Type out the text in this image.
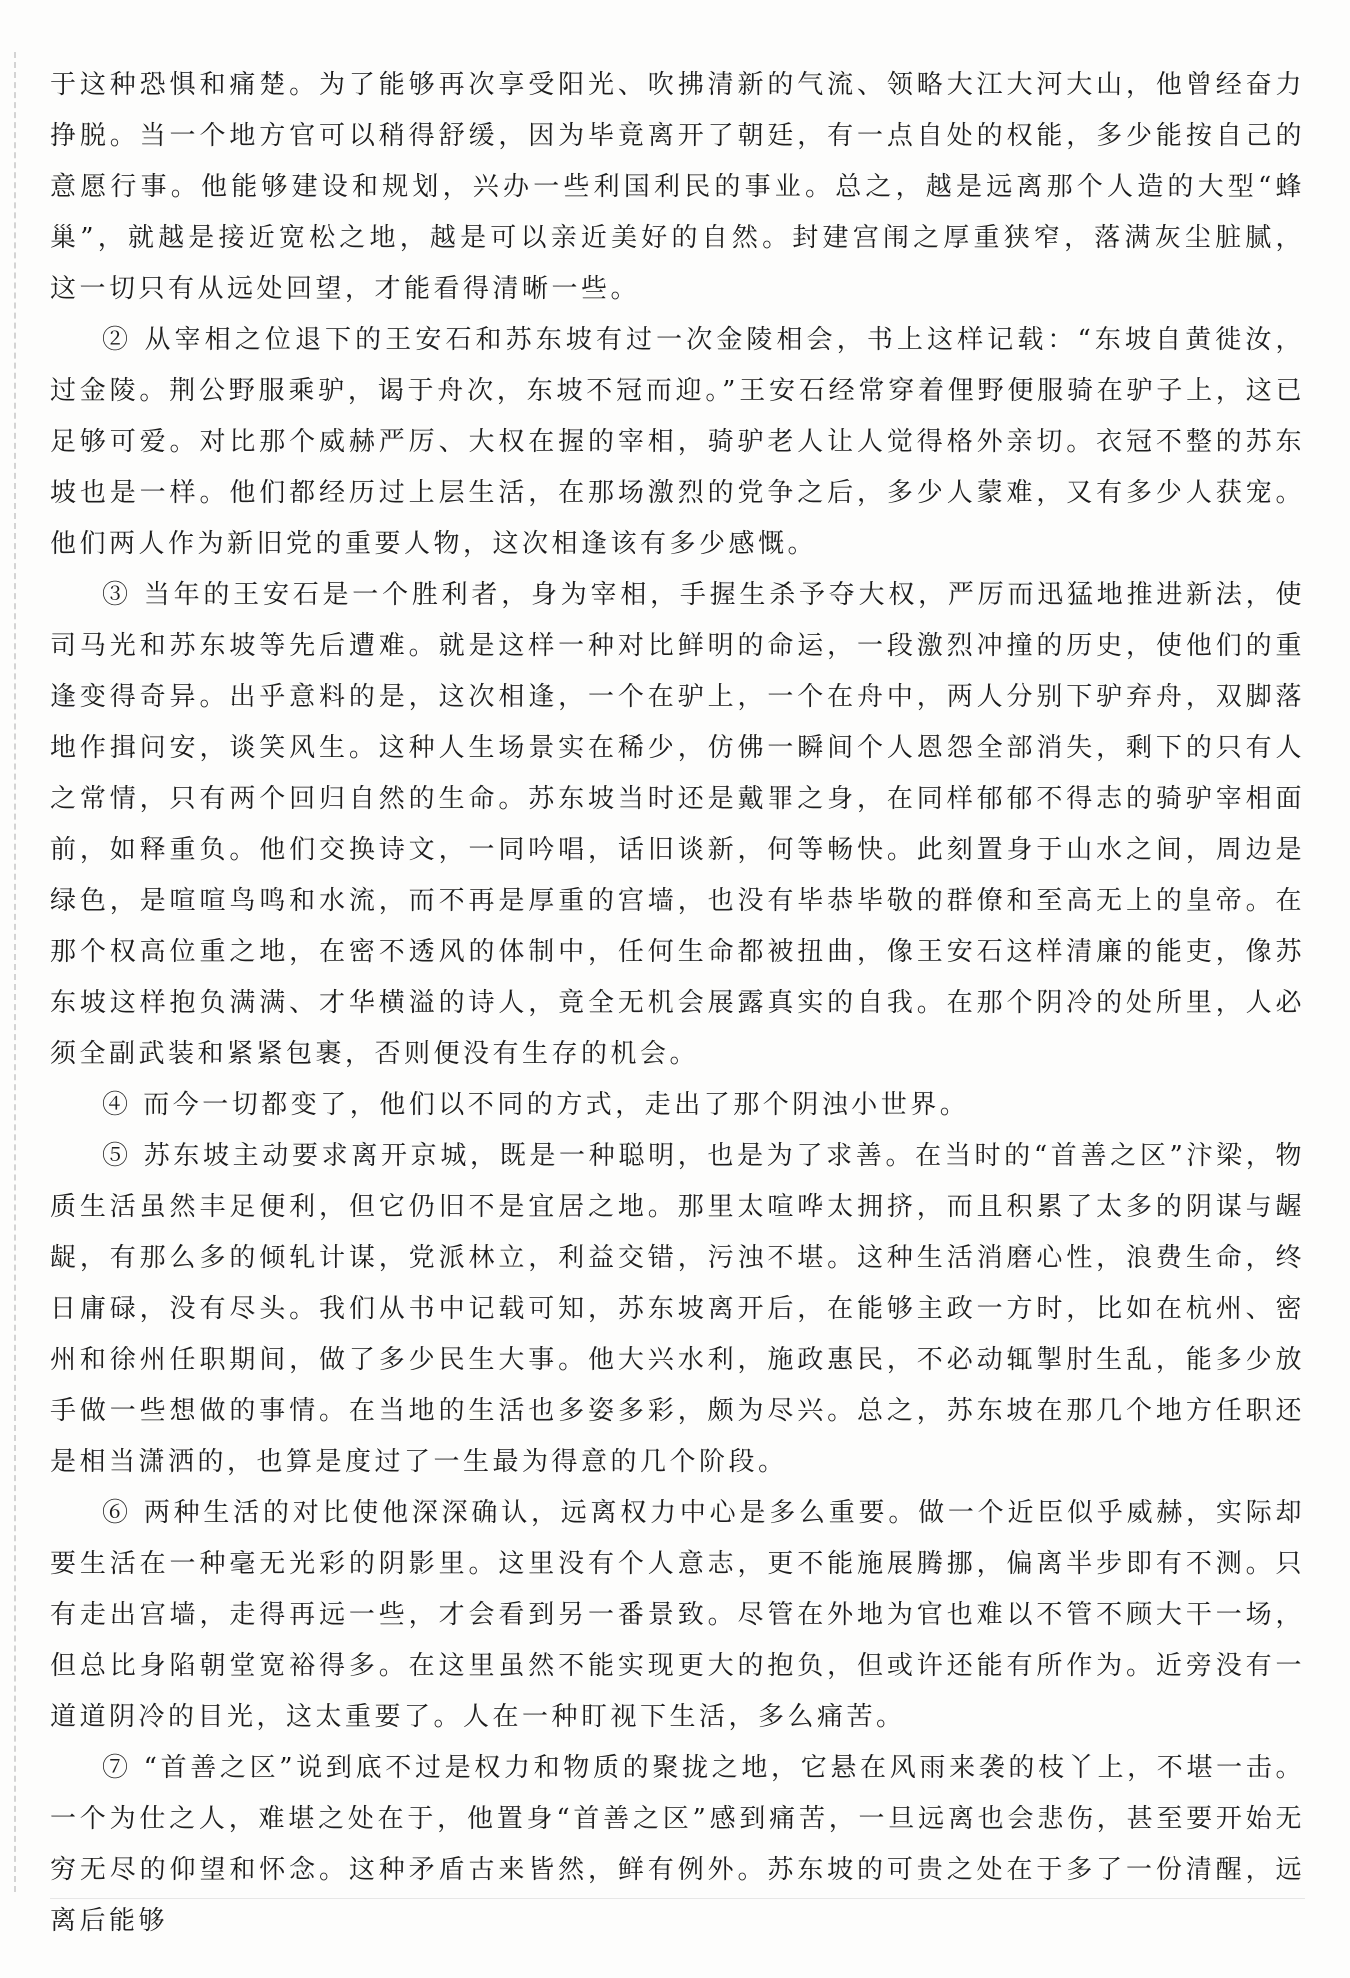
于这种恐惧和痛楚。为了能够再次享受阳光、吹拂清新的气流、领略大江大河大山，他曾经奋力挣脱。当一个地方官可以稍得舒缓，因为毕竟离开了朝廷，有一点自处的权能，多少能按自己的意愿行事。他能够建设和规划，兴办一些利国利民的事业。总之，越是远离那个人造的大型“蜂巢”，就越是接近宽松之地，越是可以亲近美好的自然。封建宫闱之厚重狭窄，落满灰尘脏腻，这一切只有从远处回望，才能看得清晰一些。

② 从宰相之位退下的王安石和苏东坡有过一次金陵相会，书上这样记载：“东坡自黄徙汝，过金陵。荆公野服乘驴，谒于舟次，东坡不冠而迎。”王安石经常穿着俚野便服骑在驴子上，这已足够可爱。对比那个威赫严厉、大权在握的宰相，骑驴老人让人觉得格外亲切。衣冠不整的苏东坡也是一样。他们都经历过上层生活，在那场激烈的党争之后，多少人蒙难，又有多少人获宠。他们两人作为新旧党的重要人物，这次相逢该有多少感慨。

③ 当年的王安石是一个胜利者，身为宰相，手握生杀予夺大权，严厉而迅猛地推进新法，使司马光和苏东坡等先后遭难。就是这样一种对比鲜明的命运，一段激烈冲撞的历史，使他们的重逢变得奇异。出乎意料的是，这次相逢，一个在驴上，一个在舟中，两人分别下驴弃舟，双脚落地作揖问安，谈笑风生。这种人生场景实在稀少，仿佛一瞬间个人恩怨全部消失，剩下的只有人之常情，只有两个回归自然的生命。苏东坡当时还是戴罪之身，在同样郁郁不得志的骑驴宰相面前，如释重负。他们交换诗文，一同吟唱，话旧谈新，何等畅快。此刻置身于山水之间，周边是绿色，是喧喧鸟鸣和水流，而不再是厚重的宫墙，也没有毕恭毕敬的群僚和至高无上的皇帝。在那个权高位重之地，在密不透风的体制中，任何生命都被扭曲，像王安石这样清廉的能吏，像苏东坡这样抱负满满、才华横溢的诗人，竟全无机会展露真实的自我。在那个阴冷的处所里，人必须全副武装和紧紧包裹，否则便没有生存的机会。

④ 而今一切都变了，他们以不同的方式，走出了那个阴浊小世界。

⑤ 苏东坡主动要求离开京城，既是一种聪明，也是为了求善。在当时的“首善之区”汴梁，物质生活虽然丰足便利，但它仍旧不是宜居之地。那里太喧哗太拥挤，而且积累了太多的阴谋与龌龊，有那么多的倾轧计谋，党派林立，利益交错，污浊不堪。这种生活消磨心性，浪费生命，终日庸碌，没有尽头。我们从书中记载可知，苏东坡离开后，在能够主政一方时，比如在杭州、密州和徐州任职期间，做了多少民生大事。他大兴水利，施政惠民，不必动辄掣肘生乱，能多少放手做一些想做的事情。在当地的生活也多姿多彩，颇为尽兴。总之，苏东坡在那几个地方任职还是相当潇洒的，也算是度过了一生最为得意的几个阶段。

⑥ 两种生活的对比使他深深确认，远离权力中心是多么重要。做一个近臣似乎威赫，实际却要生活在一种毫无光彩的阴影里。这里没有个人意志，更不能施展腾挪，偏离半步即有不测。只有走出宫墙，走得再远一些，才会看到另一番景致。尽管在外地为官也难以不管不顾大干一场，但总比身陷朝堂宽裕得多。在这里虽然不能实现更大的抱负，但或许还能有所作为。近旁没有一道道阴冷的目光，这太重要了。人在一种盯视下生活，多么痛苦。

⑦ “首善之区”说到底不过是权力和物质的聚拢之地，它悬在风雨来袭的枝丫上，不堪一击。一个为仕之人，难堪之处在于，他置身“首善之区”感到痛苦，一旦远离也会悲伤，甚至要开始无穷无尽的仰望和怀念。这种矛盾古来皆然，鲜有例外。苏东坡的可贵之处在于多了一份清醒，远离后能够
